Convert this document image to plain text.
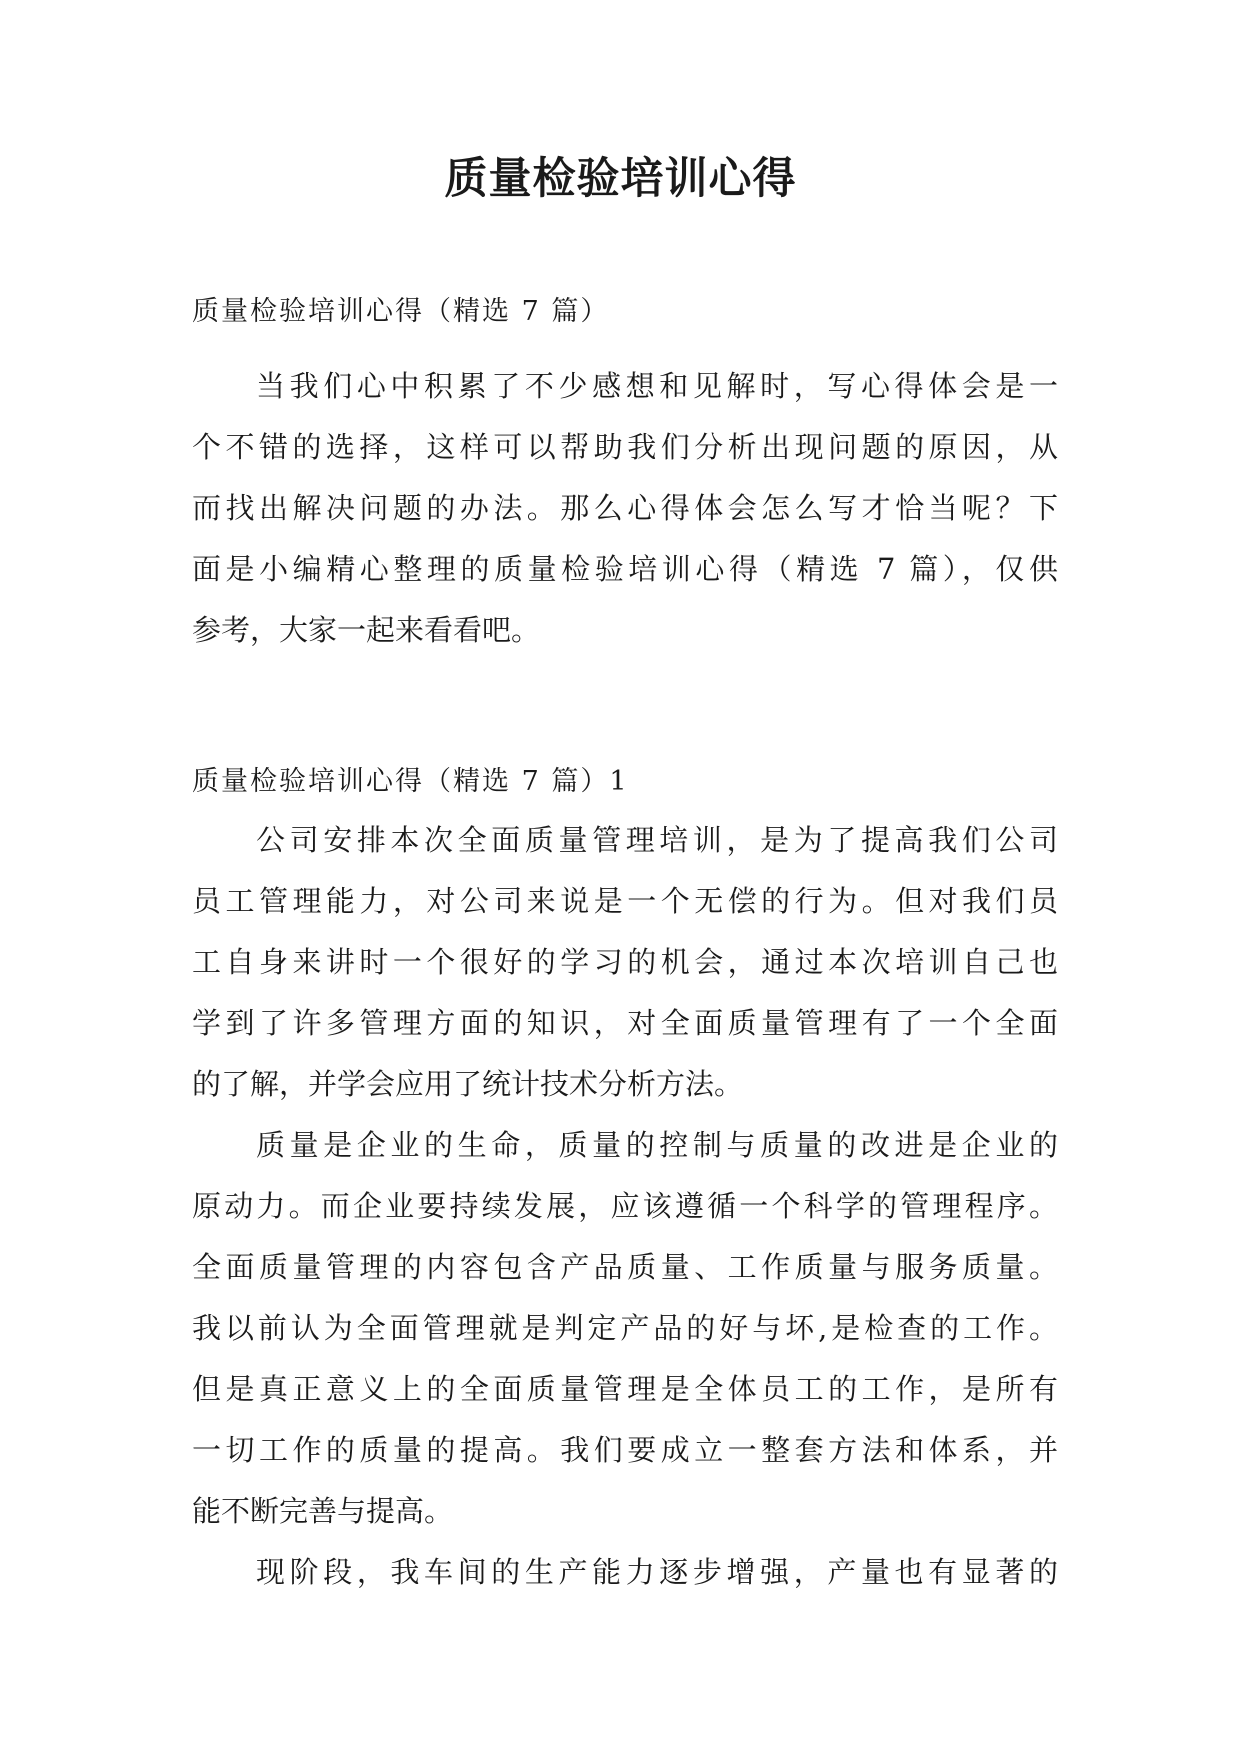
质量检验培训心得
质量检验培训心得（精选 7 篇）
当我们心中积累了不少感想和见解时，写心得体会是一
个不错的选择，这样可以帮助我们分析出现问题的原因，从
而找出解决问题的办法。那么心得体会怎么写才恰当呢？下
面是小编精心整理的质量检验培训心得（精选 7 篇），仅供
参考，大家一起来看看吧。
质量检验培训心得（精选 7 篇）1
公司安排本次全面质量管理培训，是为了提高我们公司
员工管理能力，对公司来说是一个无偿的行为。但对我们员
工自身来讲时一个很好的学习的机会，通过本次培训自己也
学到了许多管理方面的知识，对全面质量管理有了一个全面
的了解，并学会应用了统计技术分析方法。
质量是企业的生命，质量的控制与质量的改进是企业的
原动力。而企业要持续发展，应该遵循一个科学的管理程序。
全面质量管理的内容包含产品质量、工作质量与服务质量。
我以前认为全面管理就是判定产品的好与坏,是检查的工作。
但是真正意义上的全面质量管理是全体员工的工作，是所有
一切工作的质量的提高。我们要成立一整套方法和体系，并
能不断完善与提高。
现阶段，我车间的生产能力逐步增强，产量也有显著的
